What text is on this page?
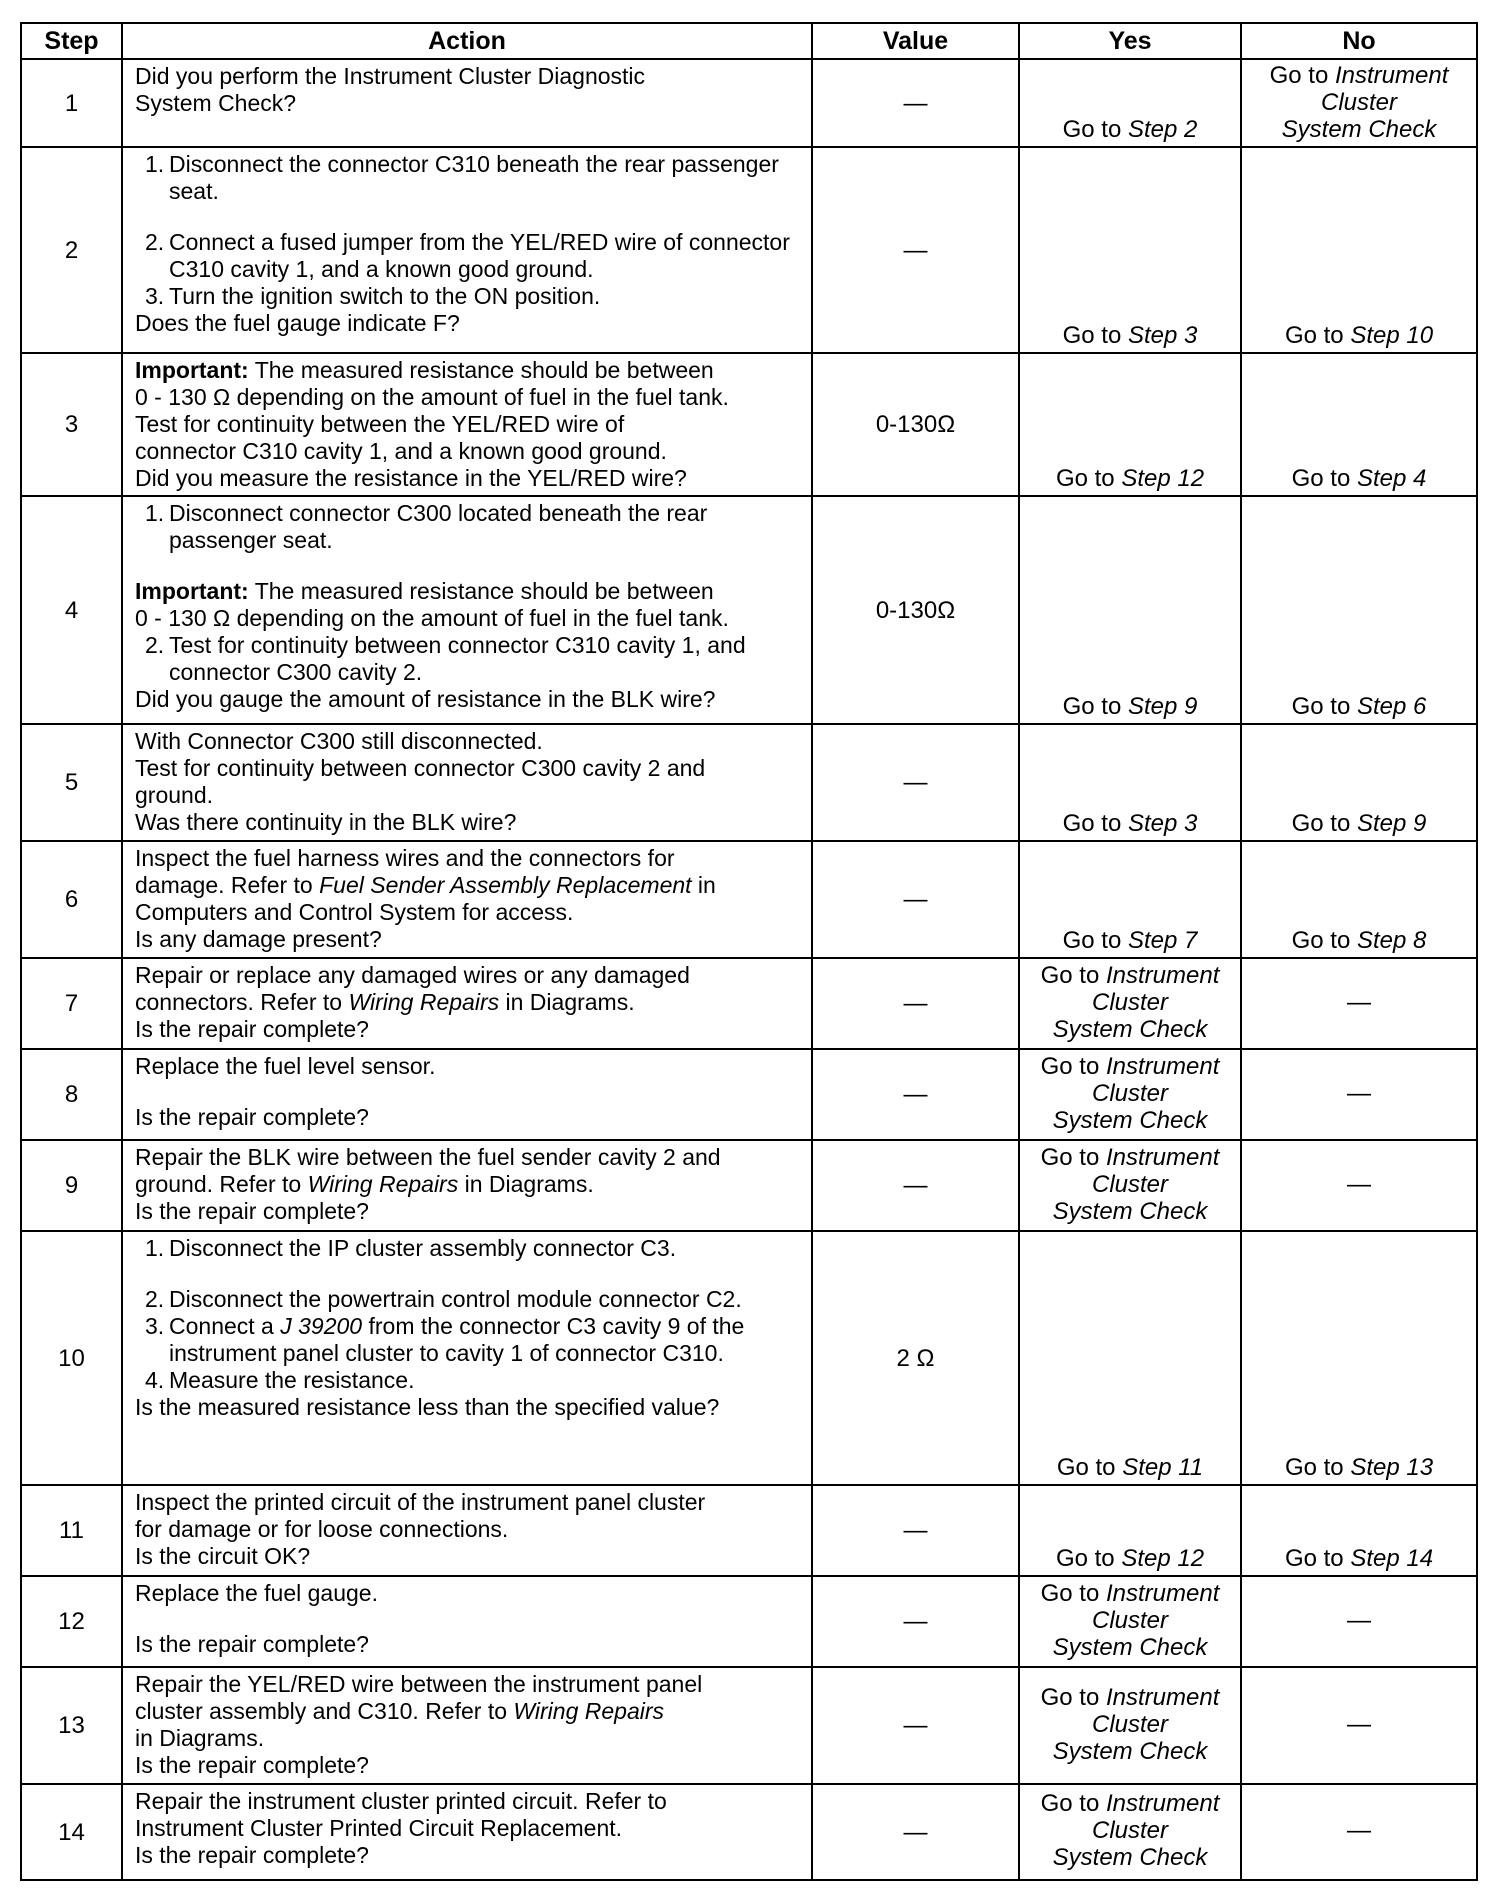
Step	Action	Value	Yes	No
1	Did you perform the Instrument Cluster Diagnostic
System Check?	—	Go to Step 2	Go to Instrument
Cluster
System Check

2	1. Disconnect the connector C310 beneath the rear passenger seat.
2. Connect a fused jumper from the YEL/RED wire of connector C310 cavity 1, and a known good ground.
3. Turn the ignition switch to the ON position.
Does the fuel gauge indicate F?	—	Go to Step 3	Go to Step 10
3	Important: The measured resistance should be between
0 - 130 Ω depending on the amount of fuel in the fuel tank.
Test for continuity between the YEL/RED wire of
connector C310 cavity 1, and a known good ground.
Did you measure the resistance in the YEL/RED wire?	0-130Ω	Go to Step 12	Go to Step 4
4	1. Disconnect connector C300 located beneath the rear passenger seat.
Important: The measured resistance should be between
0 - 130 Ω depending on the amount of fuel in the fuel tank.
2. Test for continuity between connector C310 cavity 1, and connector C300 cavity 2.
Did you gauge the amount of resistance in the BLK wire?	0-130Ω	Go to Step 9	Go to Step 6
5	With Connector C300 still disconnected.
Test for continuity between connector C300 cavity 2 and
ground.
Was there continuity in the BLK wire?	—	Go to Step 3	Go to Step 9
6	Inspect the fuel harness wires and the connectors for
damage. Refer to Fuel Sender Assembly Replacement in
Computers and Control System for access.
Is any damage present?	—	Go to Step 7	Go to Step 8
7	Repair or replace any damaged wires or any damaged
connectors. Refer to Wiring Repairs in Diagrams.
Is the repair complete?	—	Go to Instrument
Cluster
System Check	—
8	Replace the fuel level sensor.
Is the repair complete?	—	Go to Instrument
Cluster
System Check	—
9	Repair the BLK wire between the fuel sender cavity 2 and
ground. Refer to Wiring Repairs in Diagrams.
Is the repair complete?	—	Go to Instrument
Cluster
System Check	—
10	1. Disconnect the IP cluster assembly connector C3.
2. Disconnect the powertrain control module connector C2.
3. Connect a J 39200 from the connector C3 cavity 9 of the instrument panel cluster to cavity 1 of connector C310.
4. Measure the resistance.
Is the measured resistance less than the specified value?	2 Ω	Go to Step 11	Go to Step 13
11	Inspect the printed circuit of the instrument panel cluster
for damage or for loose connections.
Is the circuit OK?	—	Go to Step 12	Go to Step 14
12	Replace the fuel gauge.
Is the repair complete?	—	Go to Instrument
Cluster
System Check	—
13	Repair the YEL/RED wire between the instrument panel
cluster assembly and C310. Refer to Wiring Repairs
in Diagrams.
Is the repair complete?	—	Go to Instrument
Cluster
System Check	—
14	Repair the instrument cluster printed circuit. Refer to
Instrument Cluster Printed Circuit Replacement.
Is the repair complete?	—	Go to Instrument
Cluster
System Check	—
